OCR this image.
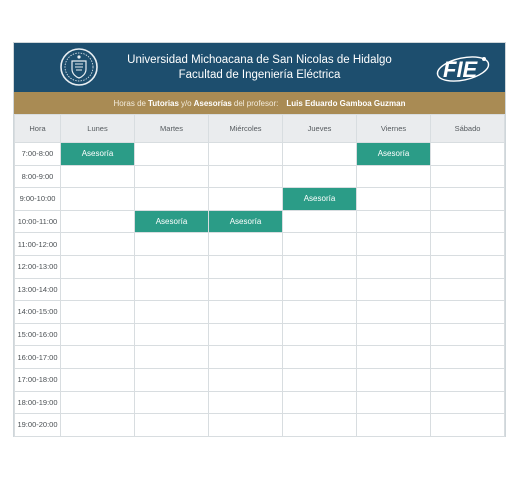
Universidad Michoacana de San Nicolas de Hidalgo
Facultad de Ingeniería Eléctrica	FIE
Horas de Tutorias y/o Asesorías del profesor: Luis Eduardo Gamboa Guzman
Hora	Lunes	Martes	Miércoles	Jueves	Viernes	Sábado
7:00-8:00	Asesoría				Asesoría	
8:00-9:00						
9:00-10:00				Asesoría		
10:00-11:00		Asesoría	Asesoría			
11:00-12:00						
12:00-13:00						
13:00-14:00						
14:00-15:00						
15:00-16:00						
16:00-17:00						
17:00-18:00						
18:00-19:00						
19:00-20:00						
